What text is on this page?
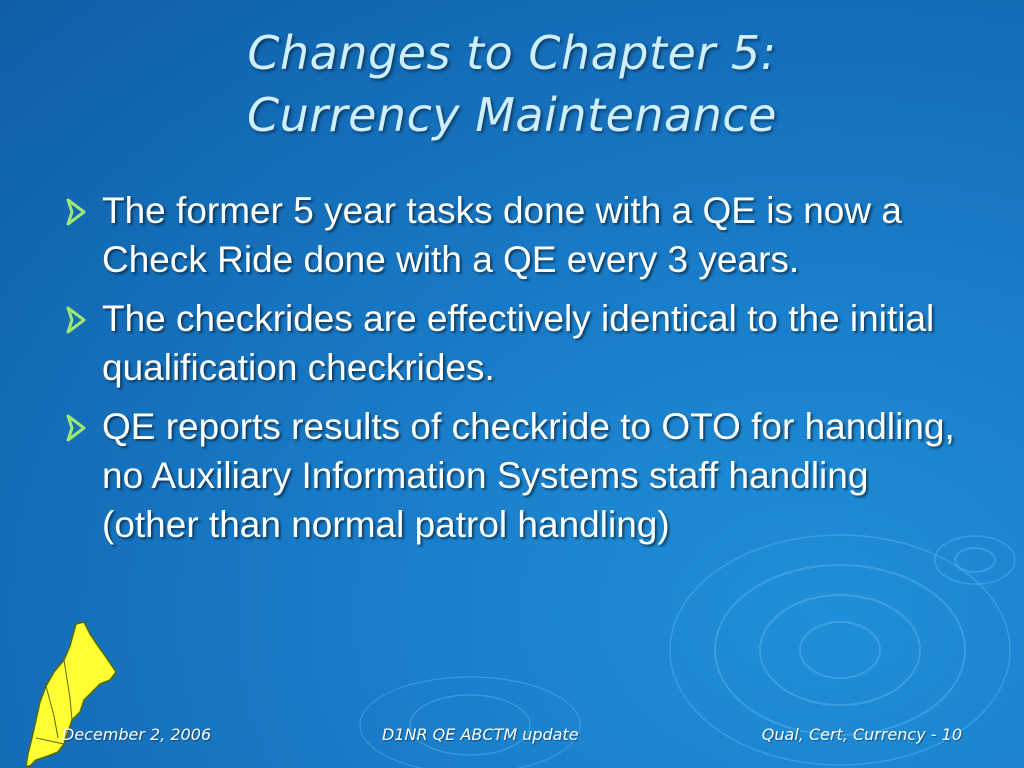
Changes to Chapter 5:
Currency Maintenance
The former 5 year tasks done with a QE is now a Check Ride done with a QE every 3 years.
The checkrides are effectively identical to the initial qualification checkrides.
QE reports results of checkride to OTO for handling, no Auxiliary Information Systems staff handling (other than normal patrol handling)
December 2, 2006	D1NR QE ABCTM update	Qual, Cert, Currency - 10
